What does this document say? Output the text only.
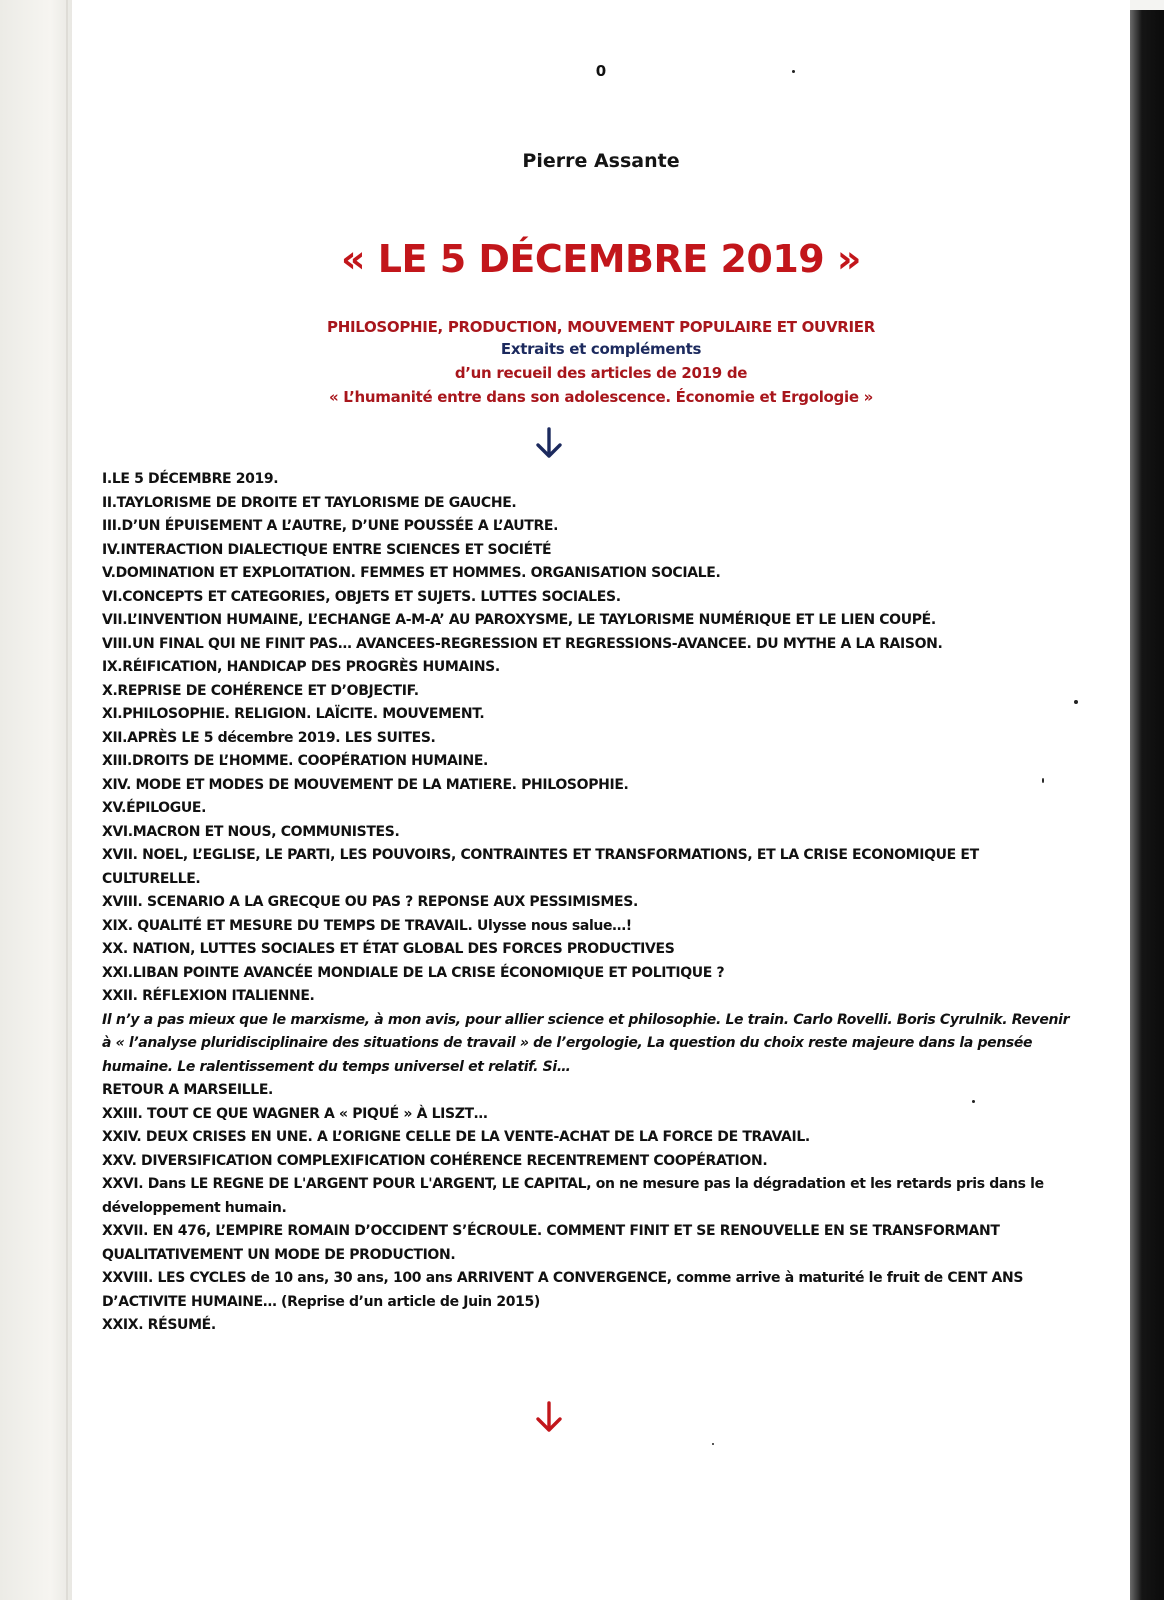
0
Pierre Assante
« LE 5 DÉCEMBRE 2019 »
PHILOSOPHIE, PRODUCTION, MOUVEMENT POPULAIRE ET OUVRIER
Extraits et compléments
d’un recueil des articles de 2019 de
« L’humanité entre dans son adolescence. Économie et Ergologie »

I.LE 5 DÉCEMBRE 2019.

II.TAYLORISME DE DROITE ET TAYLORISME DE GAUCHE.

III.D’UN ÉPUISEMENT A L’AUTRE, D’UNE POUSSÉE A L’AUTRE.

IV.INTERACTION DIALECTIQUE ENTRE SCIENCES ET SOCIÉTÉ

V.DOMINATION ET EXPLOITATION. FEMMES ET HOMMES. ORGANISATION SOCIALE.

VI.CONCEPTS ET CATEGORIES, OBJETS ET SUJETS. LUTTES SOCIALES.

VII.L’INVENTION HUMAINE, L’ECHANGE A-M-A’ AU PAROXYSME, LE TAYLORISME NUMÉRIQUE ET LE LIEN COUPÉ.

VIII.UN FINAL QUI NE FINIT PAS… AVANCEES-REGRESSION ET REGRESSIONS-AVANCEE. DU MYTHE A LA RAISON.

IX.RÉIFICATION, HANDICAP DES PROGRÈS HUMAINS.

X.REPRISE DE COHÉRENCE ET D’OBJECTIF.

XI.PHILOSOPHIE. RELIGION. LAÏCITE. MOUVEMENT.

XII.APRÈS LE 5 décembre 2019. LES SUITES.

XIII.DROITS DE L’HOMME. COOPÉRATION HUMAINE.

XIV. MODE ET MODES DE MOUVEMENT DE LA MATIERE. PHILOSOPHIE.

XV.ÉPILOGUE.

XVI.MACRON ET NOUS, COMMUNISTES.

XVII. NOEL, L’EGLISE, LE PARTI, LES POUVOIRS, CONTRAINTES ET TRANSFORMATIONS, ET LA CRISE ECONOMIQUE ET CULTURELLE.

XVIII. SCENARIO A LA GRECQUE OU PAS ? REPONSE AUX PESSIMISMES.

XIX. QUALITÉ ET MESURE DU TEMPS DE TRAVAIL. Ulysse nous salue…!

XX. NATION, LUTTES SOCIALES ET ÉTAT GLOBAL DES FORCES PRODUCTIVES

XXI.LIBAN POINTE AVANCÉE MONDIALE DE LA CRISE ÉCONOMIQUE ET POLITIQUE ?

XXII. RÉFLEXION ITALIENNE.

Il n’y a pas mieux que le marxisme, à mon avis, pour allier science et philosophie. Le train. Carlo Rovelli. Boris Cyrulnik. Revenir à « l’analyse pluridisciplinaire des situations de travail » de l’ergologie, La question du choix reste majeure dans la pensée humaine. Le ralentissement du temps universel et relatif. Si…

RETOUR A MARSEILLE.

XXIII. TOUT CE QUE WAGNER A « PIQUÉ » À LISZT…

XXIV. DEUX CRISES EN UNE. A L’ORIGNE CELLE DE LA VENTE-ACHAT DE LA FORCE DE TRAVAIL.

XXV. DIVERSIFICATION COMPLEXIFICATION COHÉRENCE RECENTREMENT COOPÉRATION.

XXVI. Dans LE REGNE DE L'ARGENT POUR L'ARGENT, LE CAPITAL, on ne mesure pas la dégradation et les retards pris dans le développement humain.

XXVII. EN 476, L’EMPIRE ROMAIN D’OCCIDENT S’ÉCROULE. COMMENT FINIT ET SE RENOUVELLE EN SE TRANSFORMANT QUALITATIVEMENT UN MODE DE PRODUCTION.

XXVIII. LES CYCLES de 10 ans, 30 ans, 100 ans ARRIVENT A CONVERGENCE, comme arrive à maturité le fruit de CENT ANS D’ACTIVITE HUMAINE… (Reprise d’un article de Juin 2015)

XXIX. RÉSUMÉ.
